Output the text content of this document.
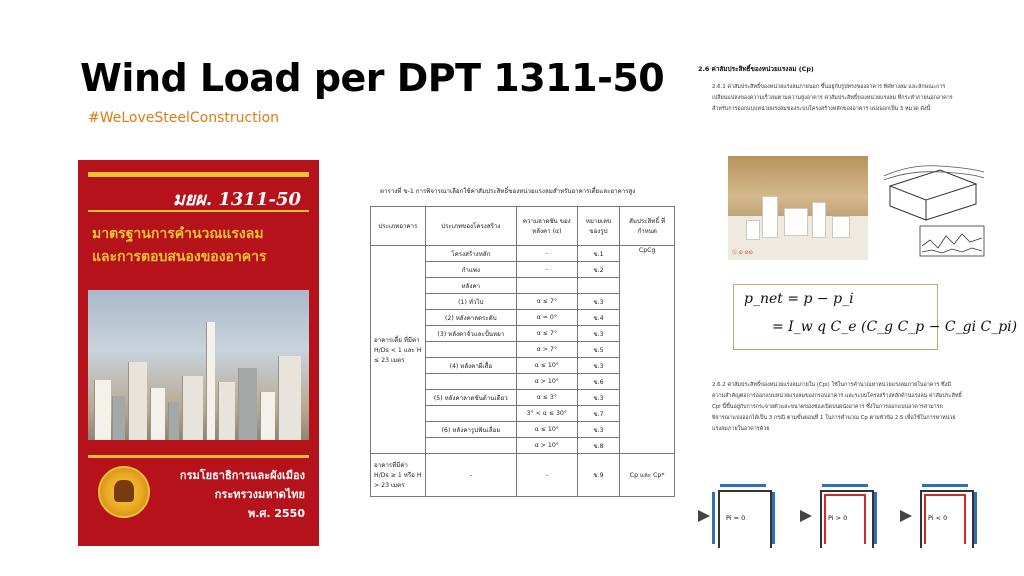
Wind Load per DPT 1311-50

#WeLoveSteelConstruction

มยผ. 1311-50
มาตรฐานการคำนวณแรงลม
และการตอบสนองของอาคาร
กรมโยธาธิการและผังเมือง
กระทรวงมหาดไทย
พ.ศ. 2550

ตารางที่ ข-1 การพิจารณาเลือกใช้ค่าสัมประสิทธิ์ของหน่วยแรงลมสำหรับอาคารเตี้ยและอาคารสูง

ประเภทอาคาร	ประเภทของโครงสร้าง	ความลาดชัน ของหลังคา (α)	หมายเลข ของรูป	สัมประสิทธิ์ ที่กำหนด
อาคารเตี้ย ที่มีค่า H/Ds < 1 และ H ≤ 23 เมตร	โครงสร้างหลัก	-	ข.1	CpCg
	กำแพง	-	ข.2	
	หลังคา			
	(1) ทั่วไป	α ≤ 7°	ข.3	
	(2) หลังคาลดระดับ	α = 0°	ข.4	
	(3) หลังคาจั่วและปั้นหยา	α ≤ 7°	ข.3	
		α > 7°	ข.5	
	(4) หลังคาผีเสื้อ	α ≤ 10°	ข.3	
		α > 10°	ข.6	
	(5) หลังคาลาดชันด้านเดียว	α ≤ 3°	ข.3	
		3° < α ≤ 30°	ข.7	
	(6) หลังคารูปฟันเลื่อย	α ≤ 10°	ข.3	
		α > 10°	ข.8	
อาคารที่มีค่า H/Ds ≥ 1 หรือ H > 23 เมตร	-	-	ข.9	Cp และ Cp*
2.6 ค่าสัมประสิทธิ์ของหน่วยแรงลม (Cp)
2.6.1 ค่าสัมประสิทธิ์ของหน่วยแรงลมภายนอก ขึ้นอยู่กับรูปทรงของอาคาร ทิศทางลม และลักษณะการเปลี่ยนแปลงของความเร็วลมตามความสูงอาคาร ค่าสัมประสิทธิ์ของหน่วยแรงลม ที่กระทำภายนอกอาคาร สำหรับการออกแบบหน่วยแรงลมของระบบโครงสร้างหลักของอาคาร แบ่งออกเป็น 3 หมวด ดังนี้
2.6.2 ค่าสัมประสิทธิ์ของหน่วยแรงลมภายใน (Cpi) ใช้ในการคำนวณหาหน่วยแรงลมภายในอาคาร ซึ่งมีความสำคัญต่อการออกแบบหน่วยแรงลมของกรอบอาคาร และระบบโครงสร้างหลักด้านแรงลม ค่าสัมประสิทธิ์ Cpi นี้ขึ้นอยู่กับการกระจายตัวและขนาดของช่องเปิดบนผนังอาคาร ซึ่งในการออกแบบอาคารสามารถพิจารณาแบ่งออกได้เป็น 3 กรณี ตามขั้นตอนที่ 1 ในการคำนวณ Cp ตามหัวข้อ 2.5 เพื่อใช้ในการหาหน่วยแรงลมภายในอาคารด้วย
Ⓢ ⊙ ⊙⊙
p_net = p − p_i
= I_w q C_e (C_g C_p − C_gi C_pi)
Pi = 0	Pi > 0	Pi < 0
